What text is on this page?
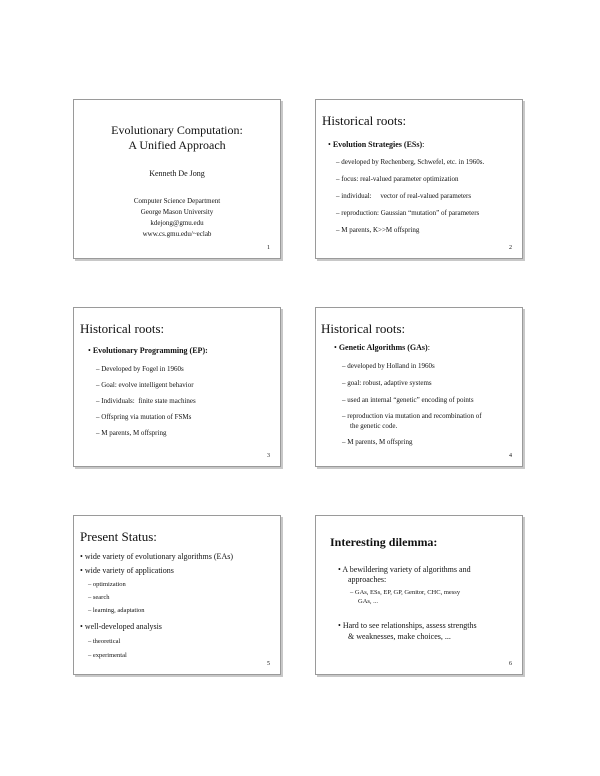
Evolutionary Computation:
A Unified Approach
Kenneth De Jong
Computer Science Department
George Mason University
kdejong@gmu.edu
www.cs.gmu.edu/~eclab
1
Historical roots:
• Evolution Strategies (ESs):
– developed by Rechenberg, Schwefel, etc. in 1960s.
– focus: real-valued parameter optimization
– individual:     vector of real-valued parameters
– reproduction: Gaussian “mutation” of parameters
– M parents, K>>M offspring
2
Historical roots:
• Evolutionary Programming (EP):
– Developed by Fogel in 1960s
– Goal: evolve intelligent behavior
– Individuals:  finite state machines
– Offspring via mutation of FSMs
– M parents, M offspring
3
Historical roots:
• Genetic Algorithms (GAs):
– developed by Holland in 1960s
– goal: robust, adaptive systems
– used an internal “genetic” encoding of points
– reproduction via mutation and recombination of
the genetic code.
– M parents, M offspring
4
Present Status:
• wide variety of evolutionary algorithms (EAs)
• wide variety of applications
– optimization
– search
– learning, adaptation
• well-developed analysis
– theoretical
– experimental
5
Interesting dilemma:
• A bewildering variety of algorithms and
approaches:
– GAs, ESs, EP, GP, Genitor, CHC, messy
GAs, ...
• Hard to see relationships, assess strengths
& weaknesses, make choices, ...
6
